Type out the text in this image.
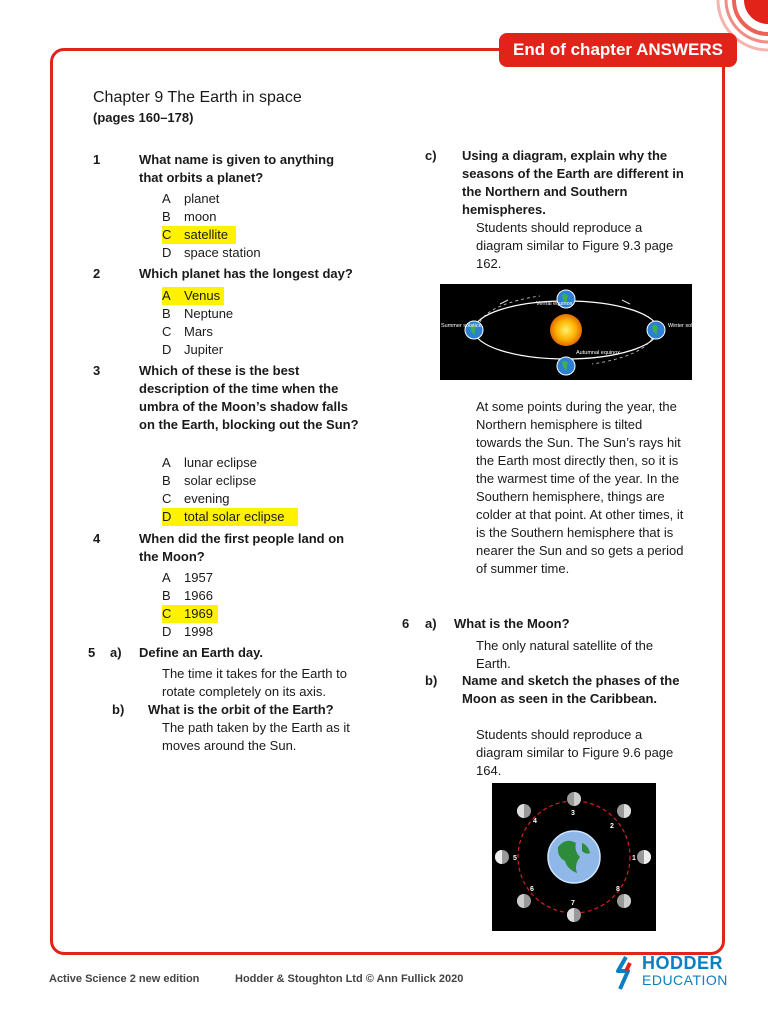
End of chapter ANSWERS
Chapter 9 The Earth in space
(pages 160–178)
1	What name is given to anything that orbits a planet?
A	planet
B	moon
C satellite
D space station
2	Which planet has the longest day?
A	Venus
B	Neptune
C Mars
D Jupiter
3	Which of these is the best description of the time when the umbra of the Moon’s shadow falls on the Earth, blocking out the Sun?
A	lunar eclipse
B	solar eclipse
C evening
D total solar eclipse
4	When did the first people land on the Moon?
A	1957
B	1966
C 1969
D 1998
5 a) Define an Earth day.
The time it takes for the Earth to rotate completely on its axis.
b) What is the orbit of the Earth?
The path taken by the Earth as it moves around the Sun.
c) Using a diagram, explain why the seasons of the Earth are different in the Northern and Southern hemispheres.
Students should reproduce a diagram similar to Figure 9.3 page 162.
Vernal equinox
Summer solstice	Winter solstice
Autumnal equinox
At some points during the year, the Northern hemisphere is tilted towards the Sun. The Sun’s rays hit the Earth most directly then, so it is the warmest time of the year. In the Southern hemisphere, things are colder at that point. At other times, it is the Southern hemisphere that is nearer the Sun and so gets a period of summer time.
6 a) What is the Moon?
The only natural satellite of the Earth.
b) Name and sketch the phases of the Moon as seen in the Caribbean.
Students should reproduce a diagram similar to Figure 9.6 page 164.
1
2
3
4
5
6
7
8
Active Science 2 new edition	Hodder & Stoughton Ltd © Ann Fullick 2020
HODDER
EDUCATION
